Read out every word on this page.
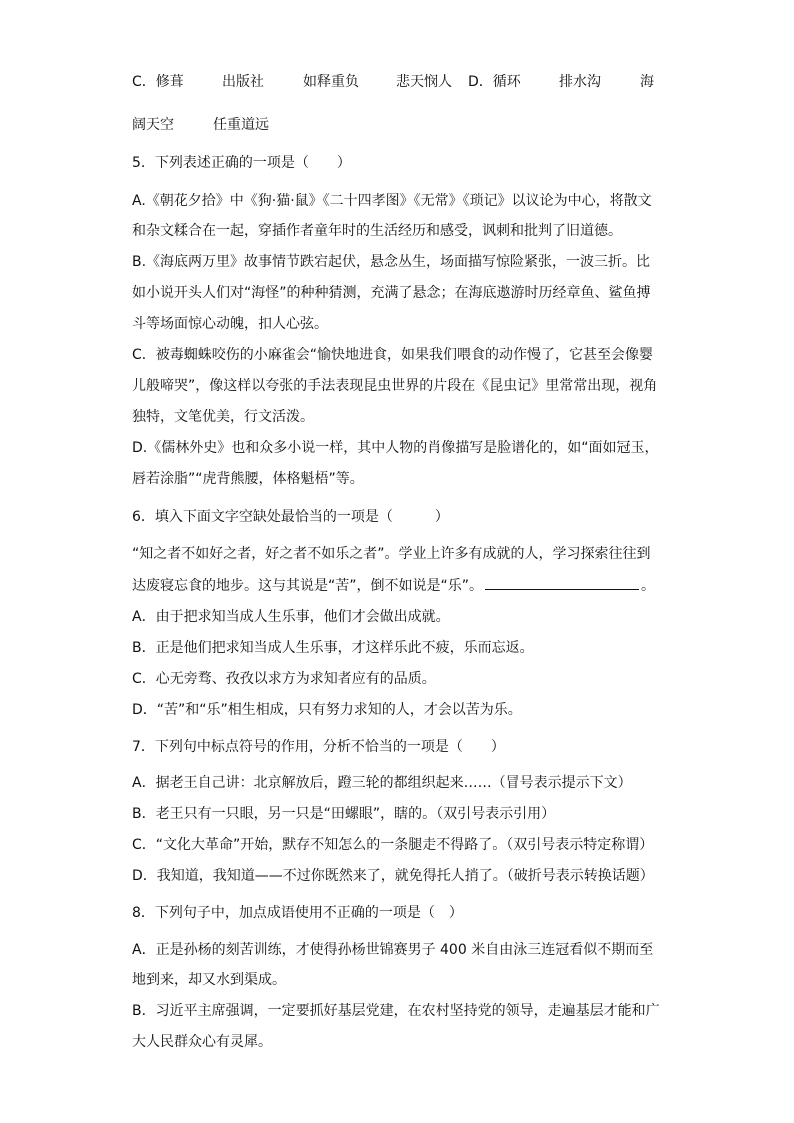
C．修葺	出版社	如释重负	悲天悯人 D．循环	排水沟	海
阔天空	任重道远
5．下列表述正确的一项是（　　）
A.《朝花夕拾》中《狗·猫·鼠》《二十四孝图》《无常》《琐记》以议论为中心，将散文
和杂文糅合在一起，穿插作者童年时的生活经历和感受，讽刺和批判了旧道德。
B.《海底两万里》故事情节跌宕起伏，悬念丛生，场面描写惊险紧张，一波三折。比
如小说开头人们对“海怪”的种种猜测，充满了悬念；在海底遨游时历经章鱼、鲨鱼搏
斗等场面惊心动魄，扣人心弦。
C．被毒蜘蛛咬伤的小麻雀会“愉快地进食，如果我们喂食的动作慢了，它甚至会像婴
儿般啼哭”，像这样以夸张的手法表现昆虫世界的片段在《昆虫记》里常常出现，视角
独特，文笔优美，行文活泼。
D.《儒林外史》也和众多小说一样，其中人物的肖像描写是脸谱化的，如“面如冠玉，
唇若涂脂”“虎背熊腰，体格魁梧”等。
6．填入下面文字空缺处最恰当的一项是（　　　）
“知之者不如好之者，好之者不如乐之者”。学业上许多有成就的人，学习探索往往到
达废寝忘食的地步。这与其说是“苦”，倒不如说是“乐”。	。
A．由于把求知当成人生乐事，他们才会做出成就。
B．正是他们把求知当成人生乐事，才这样乐此不疲，乐而忘返。
C．心无旁骛、孜孜以求方为求知者应有的品质。
D．“苦”和“乐”相生相成，只有努力求知的人，才会以苦为乐。
7．下列句中标点符号的作用，分析不恰当的一项是（　　）
A．据老王自己讲：北京解放后，蹬三轮的都组织起来……（冒号表示提示下文）
B．老王只有一只眼，另一只是“田螺眼”，瞎的。（双引号表示引用）
C．“文化大革命”开始，默存不知怎么的一条腿走不得路了。（双引号表示特定称谓）
D．我知道，我知道——不过你既然来了，就免得托人捎了。（破折号表示转换话题）
8．下列句子中，加点成语使用不正确的一项是（　）
A．正是孙杨的刻苦训练，才使得孙杨世锦赛男子 400 米自由泳三连冠看似不期而至
地到来，却又水到渠成。
B．习近平主席强调，一定要抓好基层党建，在农村坚持党的领导，走遍基层才能和广
大人民群众心有灵犀。
